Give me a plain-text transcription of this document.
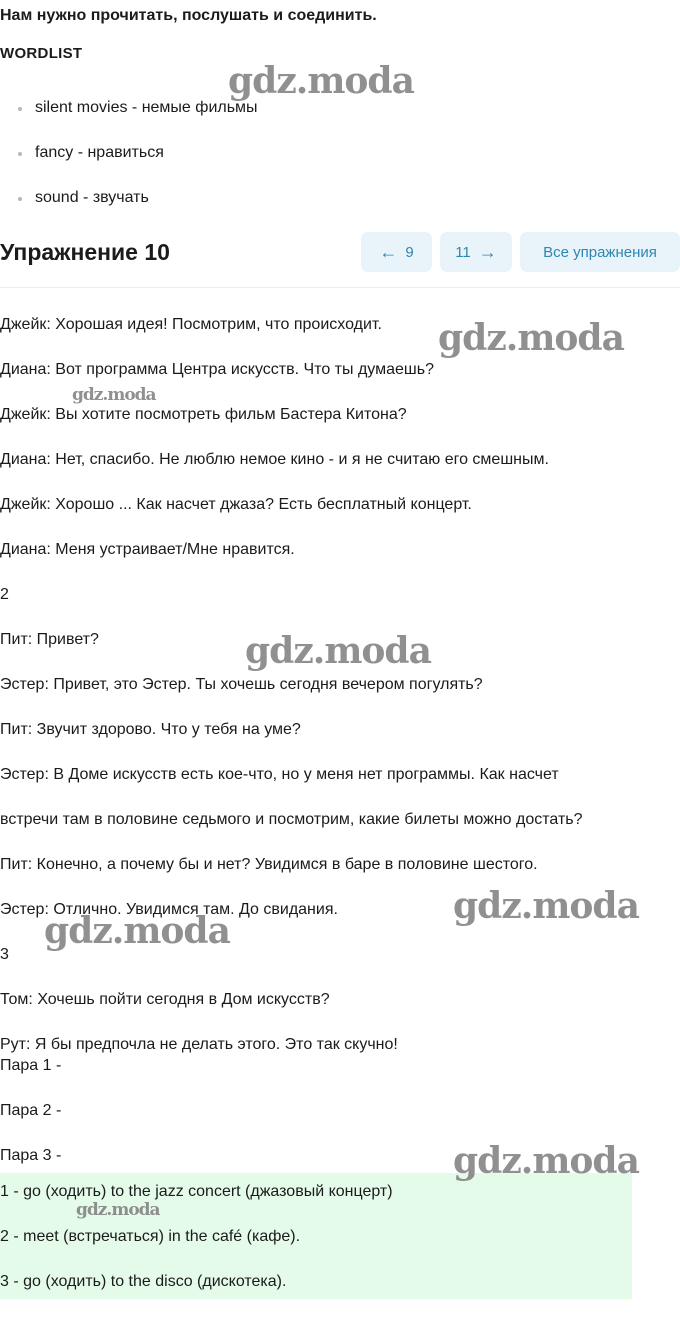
Нам нужно прочитать, послушать и соединить.
WORDLIST
silent movies - немые фильмы
fancy - нравиться
sound - звучать
Упражнение 10	← 9	11 →	Все упражнения

Джейк: Хорошая идея! Посмотрим, что происходит.

Диана: Вот программа Центра искусств. Что ты думаешь?

Джейк: Вы хотите посмотреть фильм Бастера Китона?

Диана: Нет, спасибо. Не люблю немое кино - и я не считаю его смешным.

Джейк: Хорошо ... Как насчет джаза? Есть бесплатный концерт.

Диана: Меня устраивает/Мне нравится.

2

Пит: Привет?

Эстер: Привет, это Эстер. Ты хочешь сегодня вечером погулять?

Пит: Звучит здорово. Что у тебя на уме?

Эстер: В Доме искусств есть кое-что, но у меня нет программы. Как насчет

встречи там в половине седьмого и посмотрим, какие билеты можно достать?

Пит: Конечно, а почему бы и нет? Увидимся в баре в половине шестого.

Эстер: Отлично. Увидимся там. До свидания.

3

Том: Хочешь пойти сегодня в Дом искусств?

Рут: Я бы предпочла не делать этого. Это так скучно!

Пара 1 -

Пара 2 -

Пара 3 -

1 - go (ходить) to the jazz concert (джазовый концерт)

2 - meet (встречаться) in the café (кафе).

3 - go (ходить) to the disco (дискотека).

gdz.moda
gdz.moda
gdz.moda
gdz.moda
gdz.moda
gdz.moda
gdz.moda
gdz.moda
